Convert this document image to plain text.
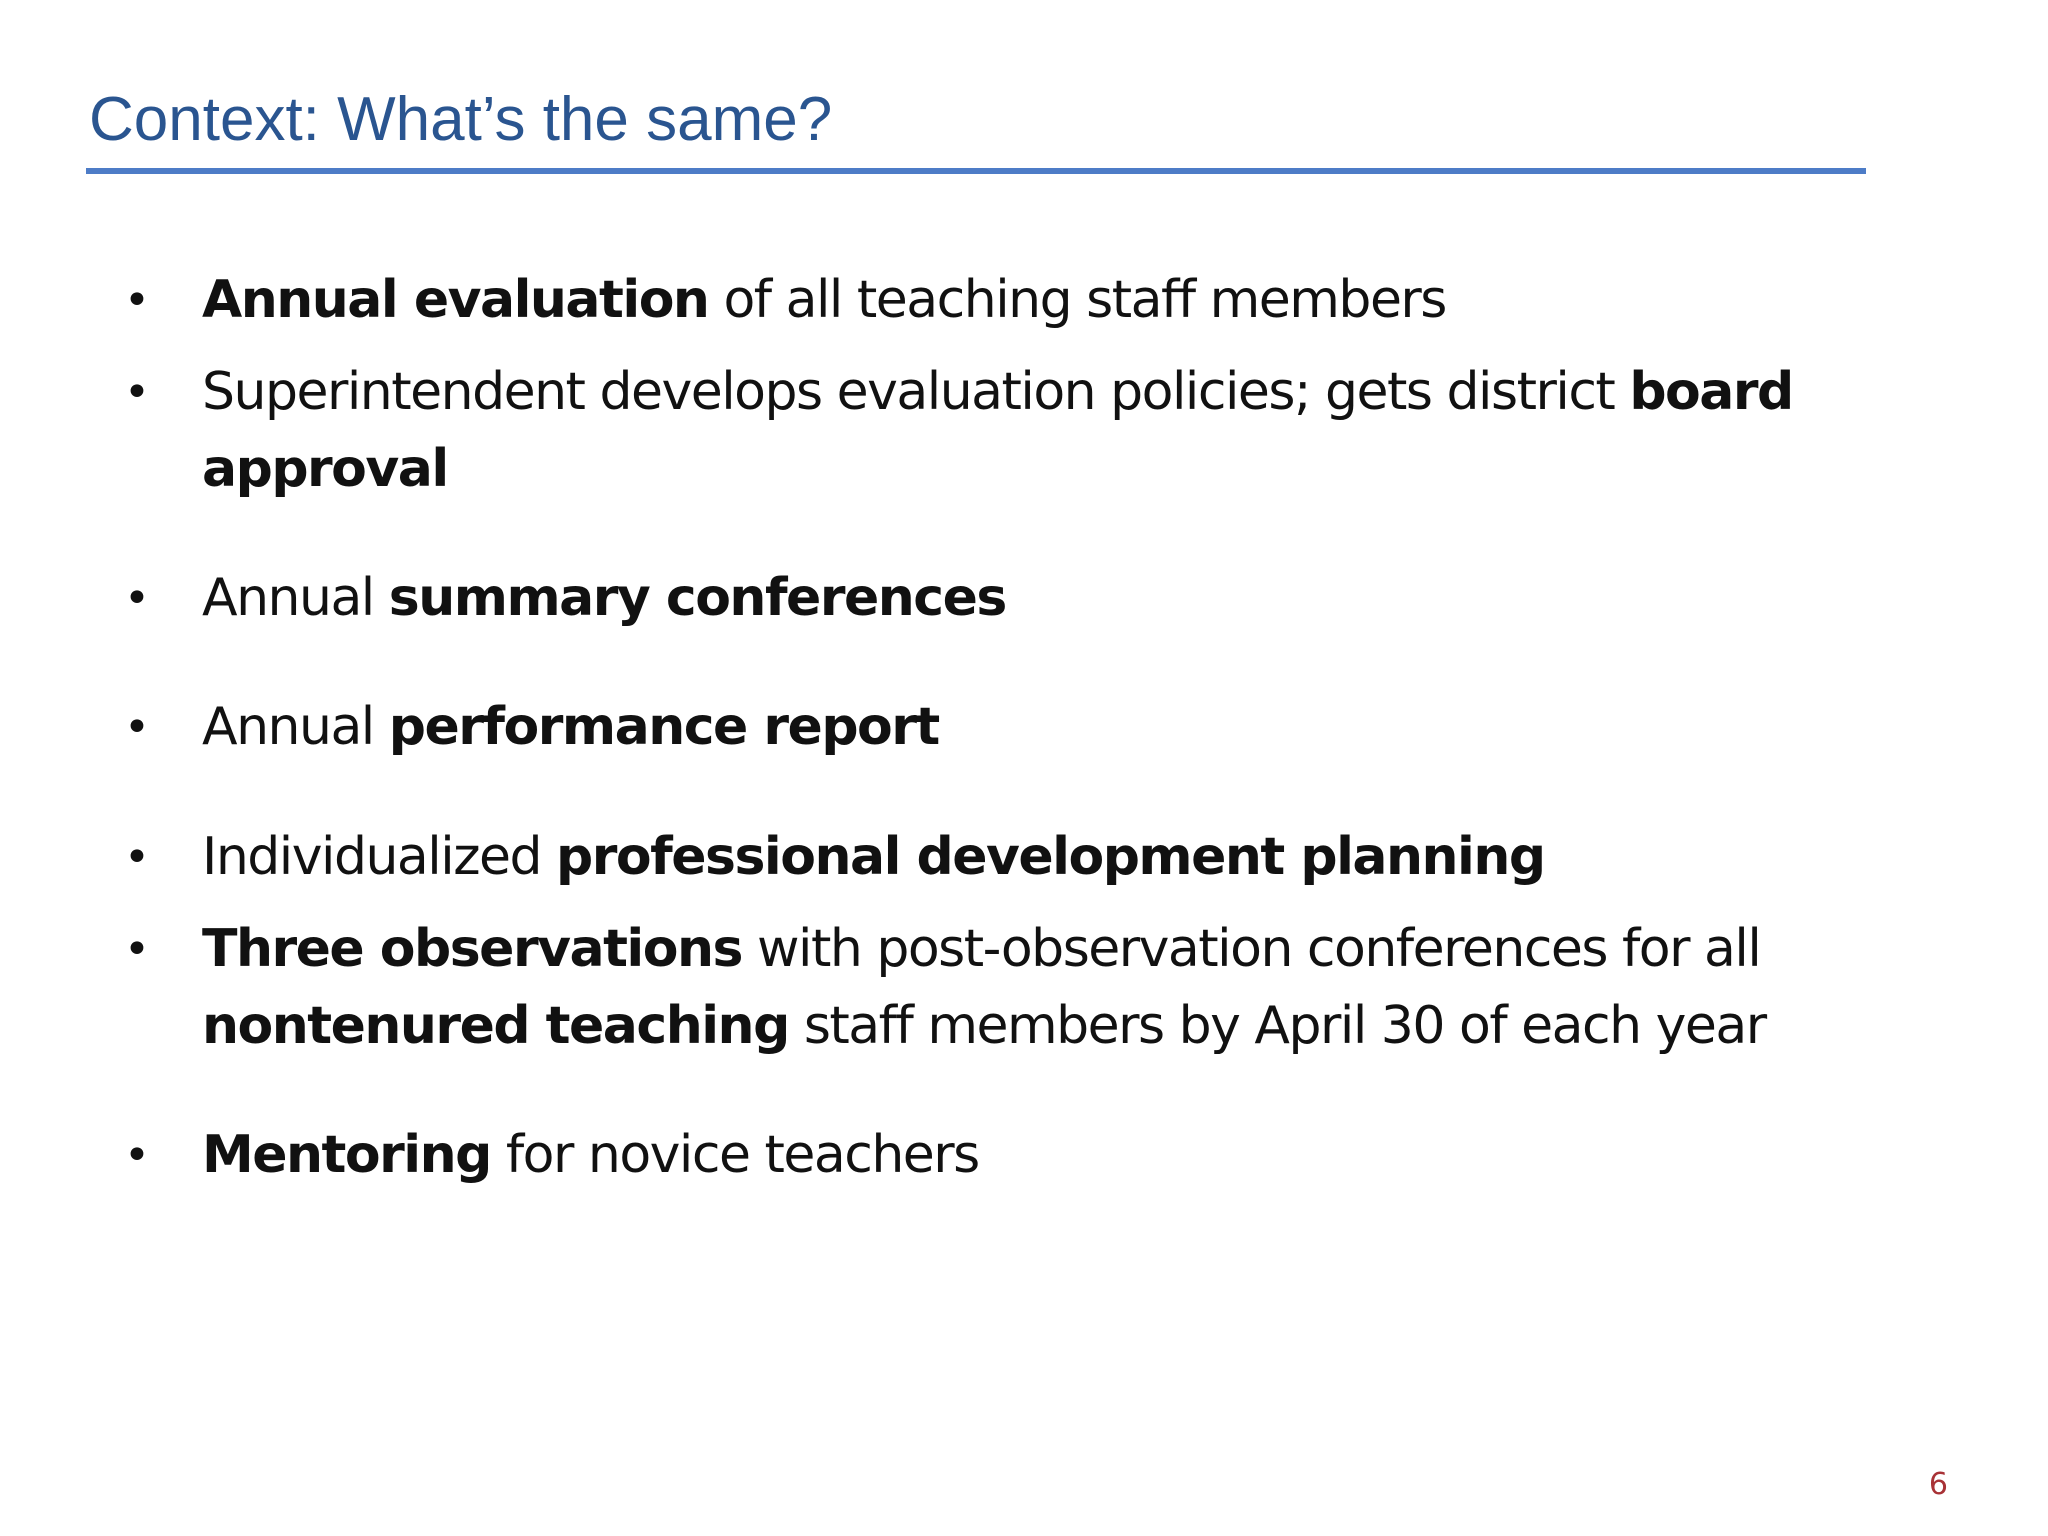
Context: What’s the same?
•	Annual evaluation of all teaching staff members
•	Superintendent develops evaluation policies; gets district board approval
•	Annual summary conferences
•	Annual performance report
•	Individualized professional development planning
•	Three observations with post-observation conferences for all nontenured teaching staff members by April 30 of each year
•	Mentoring for novice teachers
6
